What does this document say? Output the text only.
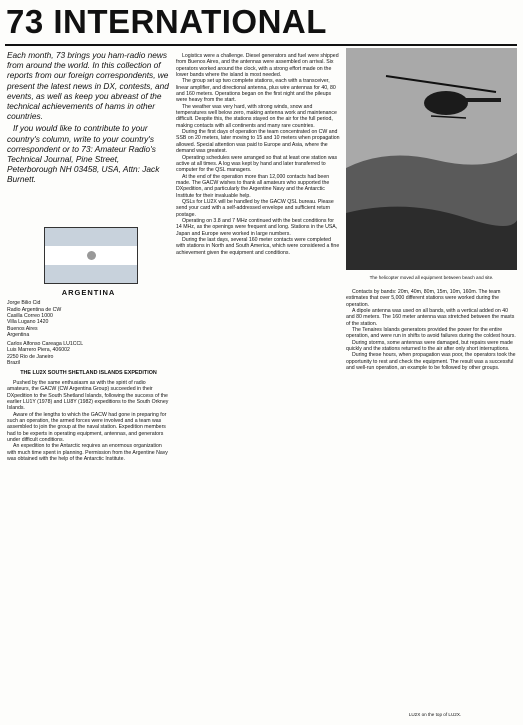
73 INTERNATIONAL

Each month, 73 brings you ham-radio news from around the world. In this collection of reports from our foreign correspondents, we present the latest news in DX, contests, and events, as well as keep you abreast of the technical achievements of hams in other countries.

If you would like to contribute to your country's column, write to your country's correspondent or to 73: Amateur Radio's Technical Journal, Pine Street, Peterborough NH 03458, USA, Attn: Jack Burnett.

ARGENTINA
Jorge Bilio Cid
Radio Argentina de CW
Casilla Correo 1000
Villa Lugano 1420
Buenos Aires
Argentina
Carlos Alfonso Careaga LU1CCL
Luis Marrero Piera, 406002
2250 Rio de Janeiro
Brazil
THE LU2X SOUTH SHETLAND ISLANDS EXPEDITION

Pushed by the same enthusiasm as with the spirit of radio amateurs, the GACW (CW Argentina Group) succeeded in their DXpedition to the South Shetland Islands, following the success of the earlier LU1Y (1978) and LU8Y (1982) expeditions to the South Orkney Islands.

Aware of the lengths to which the GACW had gone in preparing for such an operation, the armed forces were involved and a team was assembled to join the group at the naval station. Expedition members had to be experts in operating equipment, antennas, and generators under difficult conditions.

An expedition to the Antarctic requires an enormous organization with much time spent in planning. Permission from the Argentine Navy was obtained with the help of the Antarctic Institute.

Logistics were a challenge. Diesel generators and fuel were shipped from Buenos Aires, and the antennas were assembled on arrival. Six operators worked around the clock, with a strong effort made on the lower bands where the island is most needed.

The group set up two complete stations, each with a transceiver, linear amplifier, and directional antenna, plus wire antennas for 40, 80 and 160 meters. Operations began on the first night and the pileups were heavy from the start.

The weather was very hard, with strong winds, snow and temperatures well below zero, making antenna work and maintenance difficult. Despite this, the stations stayed on the air for the full period, making contacts with all continents and many rare countries.

During the first days of operation the team concentrated on CW and SSB on 20 meters, later moving to 15 and 10 meters when propagation allowed. Special attention was paid to Europe and Asia, where the demand was greatest.

Operating schedules were arranged so that at least one station was active at all times. A log was kept by hand and later transferred to computer for the QSL managers.

At the end of the operation more than 12,000 contacts had been made. The GACW wishes to thank all amateurs who supported the DXpedition, and particularly the Argentine Navy and the Antarctic Institute for their invaluable help.

QSLs for LU2X will be handled by the GACW QSL bureau. Please send your card with a self-addressed envelope and sufficient return postage.

Operating on 3.8 and 7 MHz continued with the best conditions for 14 MHz, as the openings were frequent and long. Stations in the USA, Japan and Europe were worked in large numbers.

During the last days, several 160 meter contacts were completed with stations in North and South America, which were considered a fine achievement given the equipment and conditions.

The helicopter moved all equipment between beach and site.

Contacts by bands: 20m, 40m, 80m, 15m, 10m, 160m. The team estimates that over 5,000 different stations were worked during the operation.

A dipole antenna was used on all bands, with a vertical added on 40 and 80 meters. The 160 meter antenna was stretched between the masts of the station.

The Tenaires Islands generators provided the power for the entire operation, and were run in shifts to avoid failures during the coldest hours.

During storms, some antennas were damaged, but repairs were made quickly and the stations returned to the air after only short interruptions.

During these hours, when propagation was poor, the operators took the opportunity to rest and check the equipment. The result was a successful and well-run operation, an example to be followed by other groups.

LU2X on the top of LU2X.
